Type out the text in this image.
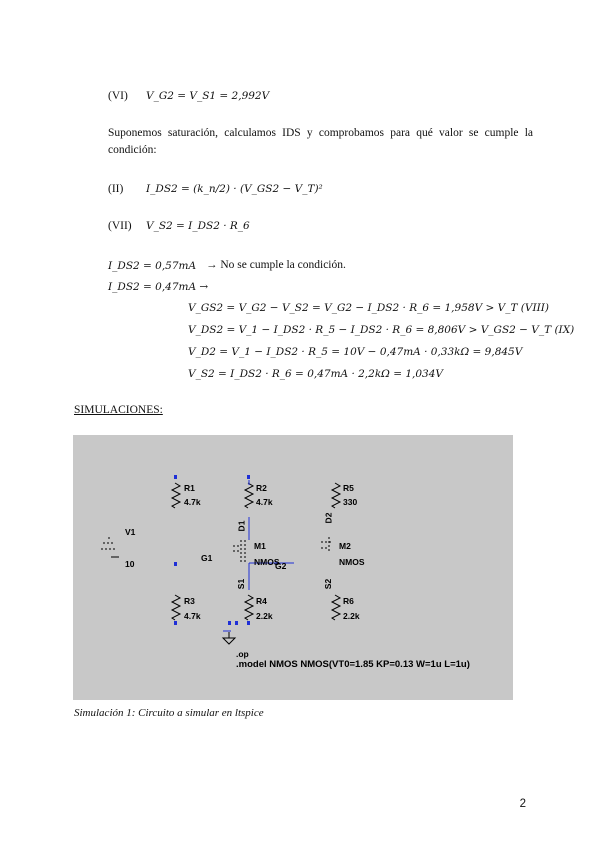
(VI) V_G2 = V_S1 = 2,992V
Suponemos saturación, calculamos IDS y comprobamos para qué valor se cumple la condición:
(II) I_DS2 = (k_n/2) · (V_GS2 − V_T)²
(VII) V_S2 = I_DS2 · R_6
I_DS2 = 0,57mA → No se cumple la condición.
I_DS2 = 0,47mA →
V_GS2 = V_G2 − V_S2 = V_G2 − I_DS2 · R_6 = 1,958V > V_T (VIII)
V_DS2 = V_1 − I_DS2 · R_5 − I_DS2 · R_6 = 8,806V > V_GS2 − V_T (IX)
V_D2 = V_1 − I_DS2 · R_5 = 10V − 0,47mA · 0,33kΩ = 9,845V
V_S2 = I_DS2 · R_6 = 0,47mA · 2,2kΩ = 1,034V
SIMULACIONES:
R1
4.7k
R2
4.7k
R5
330
V1
10
G1
M1
NMOS
G2
M2
NMOS
D1
D2
S1	S2
R3
4.7k
R4
2.2k
R6
2.2k
.op
.model NMOS NMOS(VT0=1.85 KP=0.13 W=1u L=1u)
Simulación 1: Circuito a simular en ltspice
2
